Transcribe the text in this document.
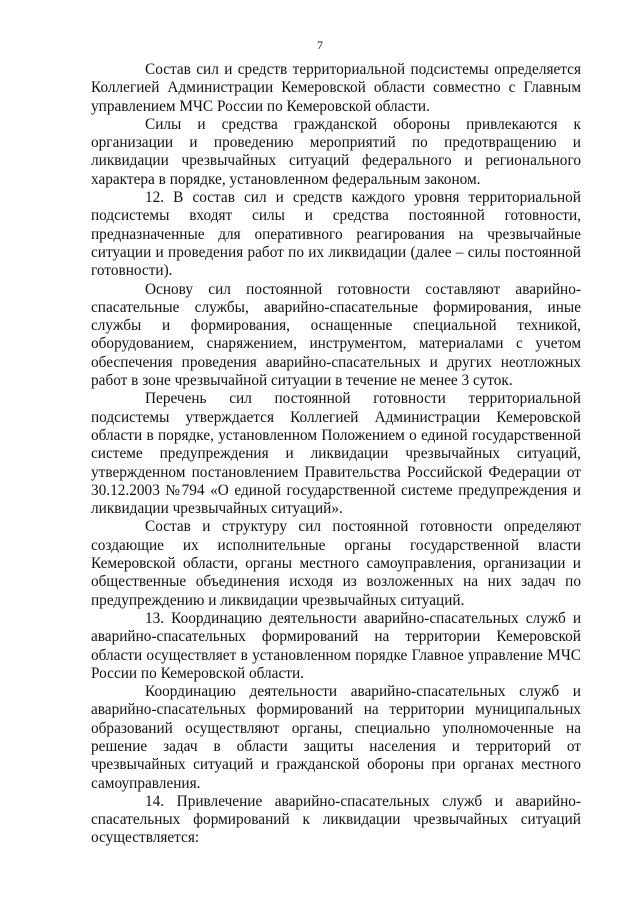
7

Состав сил и средств территориальной подсистемы определяется Коллегией Администрации Кемеровской области совместно с Главным управлением МЧС России по Кемеровской области.

Силы и средства гражданской обороны привлекаются к организации и проведению мероприятий по предотвращению и ликвидации чрезвычайных ситуаций федерального и регионального характера в порядке, установленном федеральным законом.

12. В состав сил и средств каждого уровня территориальной подсистемы входят силы и средства постоянной готовности, предназначенные для оперативного реагирования на чрезвычайные ситуации и проведения работ по их ликвидации (далее – силы постоянной готовности).

Основу сил постоянной готовности составляют аварийно-спасательные службы, аварийно-спасательные формирования, иные службы и формирования, оснащенные специальной техникой, оборудованием, снаряжением, инструментом, материалами с учетом обеспечения проведения аварийно-спасательных и других неотложных работ в зоне чрезвычайной ситуации в течение не менее 3 суток.

Перечень сил постоянной готовности территориальной подсистемы утверждается Коллегией Администрации Кемеровской области в порядке, установленном Положением о единой государственной системе предупреждения и ликвидации чрезвычайных ситуаций, утвержденном постановлением Правительства Российской Федерации от 30.12.2003 №794 «О единой государственной системе предупреждения и ликвидации чрезвычайных ситуаций».

Состав и структуру сил постоянной готовности определяют создающие их исполнительные органы государственной власти Кемеровской области, органы местного самоуправления, организации и общественные объединения исходя из возложенных на них задач по предупреждению и ликвидации чрезвычайных ситуаций.

13. Координацию деятельности аварийно-спасательных служб и аварийно-спасательных формирований на территории Кемеровской области осуществляет в установленном порядке Главное управление МЧС России по Кемеровской области.

Координацию деятельности аварийно-спасательных служб и аварийно-спасательных формирований на территории муниципальных образований осуществляют органы, специально уполномоченные на решение задач в области защиты населения и территорий от чрезвычайных ситуаций и гражданской обороны при органах местного самоуправления.

14. Привлечение аварийно-спасательных служб и аварийно-спасательных формирований к ликвидации чрезвычайных ситуаций осуществляется:
